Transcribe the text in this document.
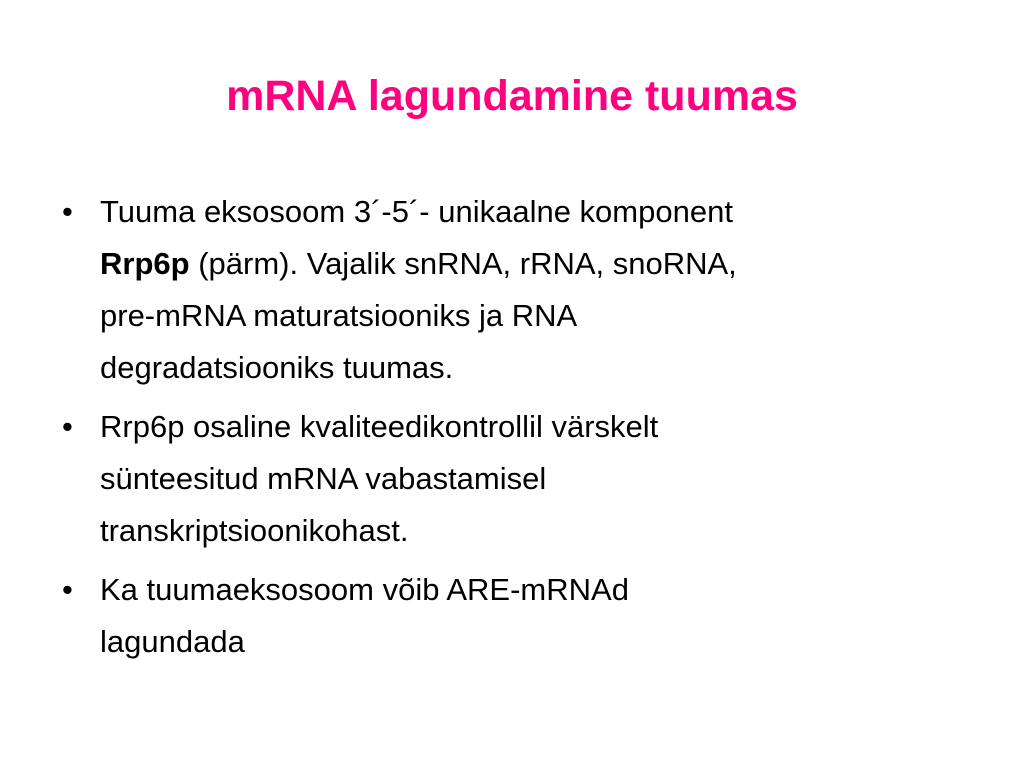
mRNA lagundamine tuumas
• Tuuma eksosoom 3´-5´- unikaalne komponent
Rrp6p (pärm). Vajalik snRNA, rRNA, snoRNA,
pre-mRNA maturatsiooniks ja RNA
degradatsiooniks tuumas.
• Rrp6p osaline kvaliteedikontrollil värskelt
sünteesitud mRNA vabastamisel
transkriptsioonikohast.
• Ka tuumaeksosoom võib ARE-mRNAd
lagundada
